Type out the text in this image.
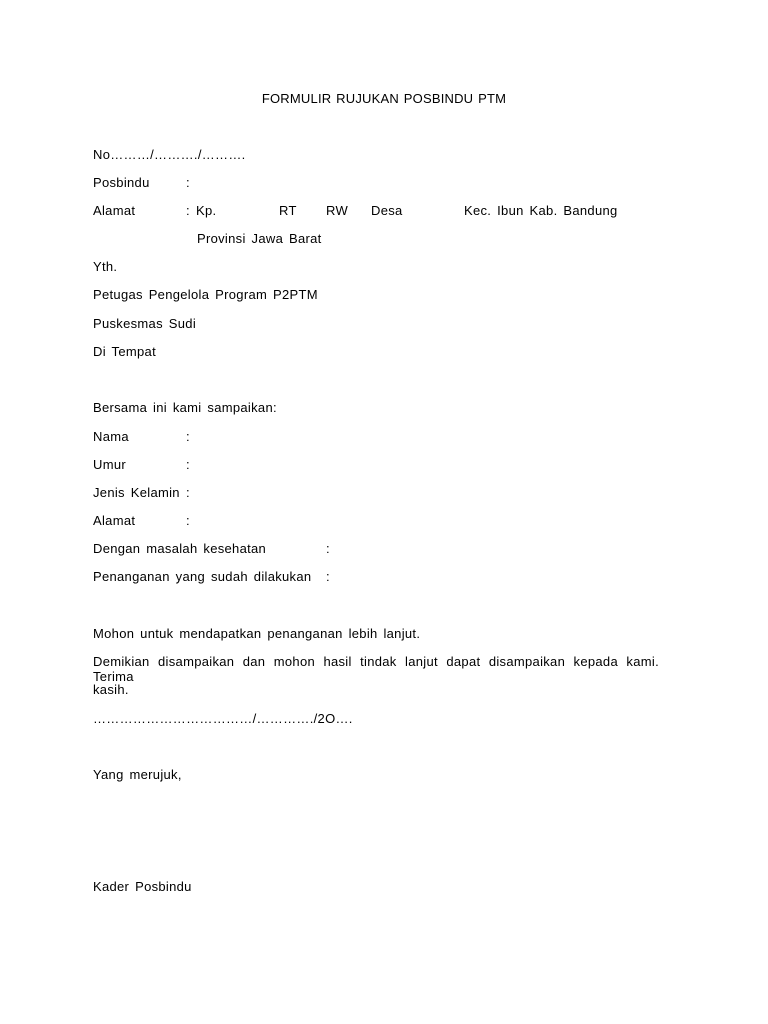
FORMULIR RUJUKAN POSBINDU PTM
No………/………./……….
Posbindu	:
Alamat	: Kp.	RT RW Desa	Kec. Ibun Kab. Bandung
Provinsi Jawa Barat
Yth.
Petugas Pengelola Program P2PTM
Puskesmas Sudi
Di Tempat
Bersama ini kami sampaikan:
Nama	:
Umur	:
Jenis Kelamin :
Alamat	:
Dengan masalah kesehatan	:
Penanganan yang sudah dilakukan :
Mohon untuk mendapatkan penanganan lebih lanjut.
Demikian disampaikan dan mohon hasil tindak lanjut dapat disampaikan kepada kami. Terima
kasih.
………………………………/…………./2O….
Yang merujuk,
Kader Posbindu
